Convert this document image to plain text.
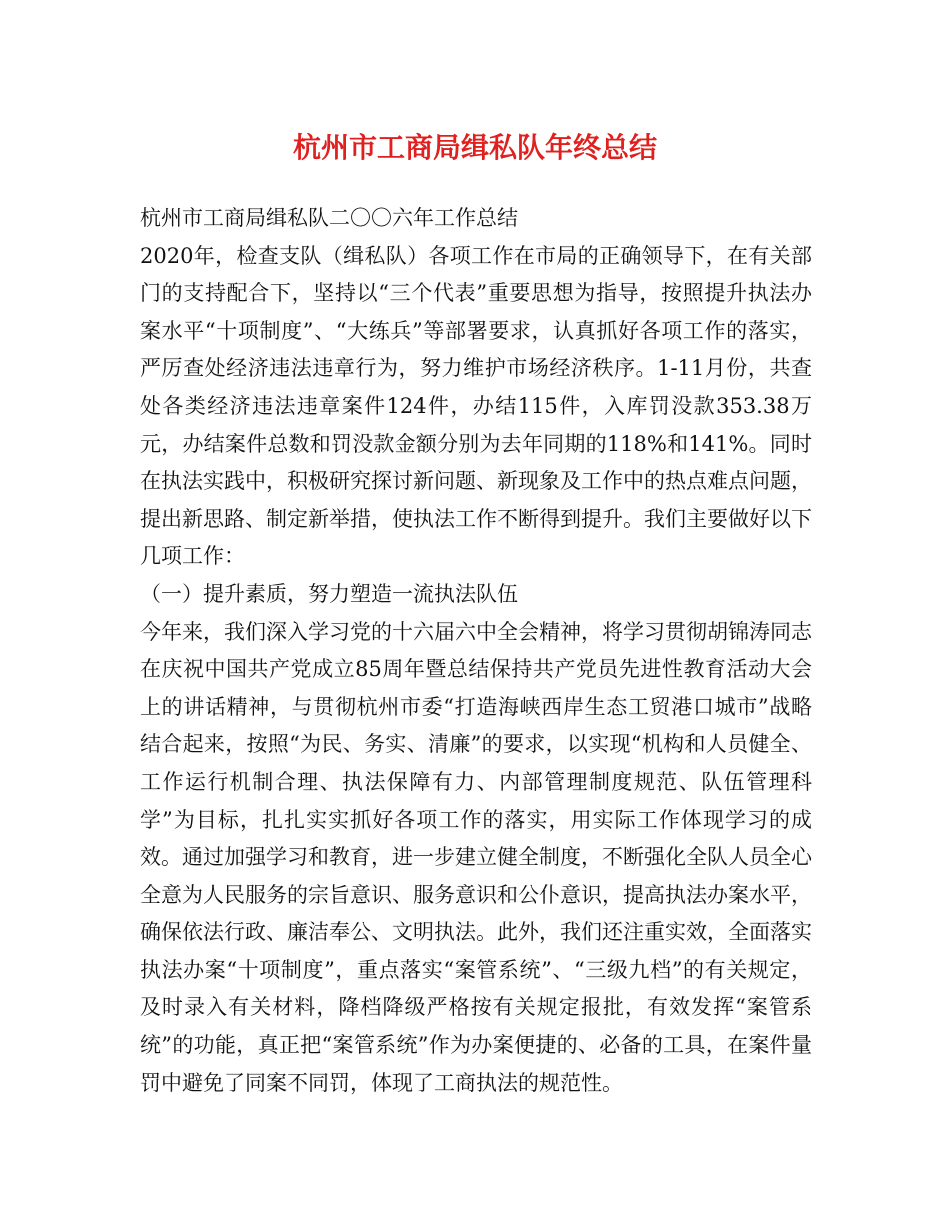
杭州市工商局缉私队年终总结

杭州市工商局缉私队二〇〇六年工作总结

2020年，检查支队（缉私队）各项工作在市局的正确领导下，在有关部门的支持配合下，坚持以“三个代表”重要思想为指导，按照提升执法办案水平“十项制度”、“大练兵”等部署要求，认真抓好各项工作的落实，严厉查处经济违法违章行为，努力维护市场经济秩序。1-11月份，共查处各类经济违法违章案件124件，办结115件，入库罚没款353.38万元，办结案件总数和罚没款金额分别为去年同期的118%和141%。同时在执法实践中，积极研究探讨新问题、新现象及工作中的热点难点问题，提出新思路、制定新举措，使执法工作不断得到提升。我们主要做好以下几项工作：

（一）提升素质，努力塑造一流执法队伍

今年来，我们深入学习党的十六届六中全会精神，将学习贯彻胡锦涛同志在庆祝中国共产党成立85周年暨总结保持共产党员先进性教育活动大会上的讲话精神，与贯彻杭州市委“打造海峡西岸生态工贸港口城市”战略结合起来，按照“为民、务实、清廉”的要求，以实现“机构和人员健全、工作运行机制合理、执法保障有力、内部管理制度规范、队伍管理科学”为目标，扎扎实实抓好各项工作的落实，用实际工作体现学习的成效。通过加强学习和教育，进一步建立健全制度，不断强化全队人员全心全意为人民服务的宗旨意识、服务意识和公仆意识，提高执法办案水平，确保依法行政、廉洁奉公、文明执法。此外，我们还注重实效，全面落实执法办案“十项制度”，重点落实“案管系统”、“三级九档”的有关规定，及时录入有关材料，降档降级严格按有关规定报批，有效发挥“案管系统”的功能，真正把“案管系统”作为办案便捷的、必备的工具，在案件量罚中避免了同案不同罚，体现了工商执法的规范性。
